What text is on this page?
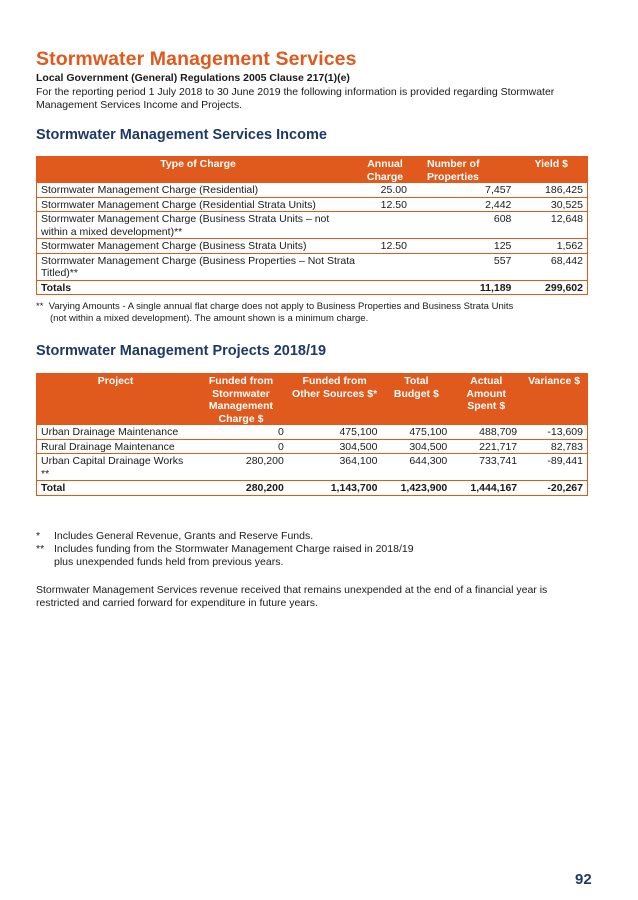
Stormwater Management Services
Local Government (General) Regulations 2005 Clause 217(1)(e)
For the reporting period 1 July 2018 to 30 June 2019 the following information is provided regarding Stormwater Management Services Income and Projects.
Stormwater Management Services Income
Type of Charge	Annual Charge	Number of Properties	Yield $
Stormwater Management Charge (Residential)	25.00	7,457	186,425
Stormwater Management Charge (Residential Strata Units)	12.50	2,442	30,525
Stormwater Management Charge (Business Strata Units – not within a mixed development)**		608	12,648
Stormwater Management Charge (Business Strata Units)	12.50	125	1,562
Stormwater Management Charge (Business Properties – Not Strata Titled)**		557	68,442
Totals		11,189	299,602
** Varying Amounts - A single annual flat charge does not apply to Business Properties and Business Strata Units
(not within a mixed development). The amount shown is a minimum charge.
Stormwater Management Projects 2018/19
Project	Funded from Stormwater Management Charge $	Funded from Other Sources $*	Total Budget $	Actual Amount Spent $	Variance $
Urban Drainage Maintenance	0	475,100	475,100	488,709	-13,609
Rural Drainage Maintenance	0	304,500	304,500	221,717	82,783
Urban Capital Drainage Works **	280,200	364,100	644,300	733,741	-89,441
Total	280,200	1,143,700	1,423,900	1,444,167	-20,267
*	Includes General Revenue, Grants and Reserve Funds.
** Includes funding from the Stormwater Management Charge raised in 2018/19
plus unexpended funds held from previous years.
Stormwater Management Services revenue received that remains unexpended at the end of a financial year is restricted and carried forward for expenditure in future years.
92
